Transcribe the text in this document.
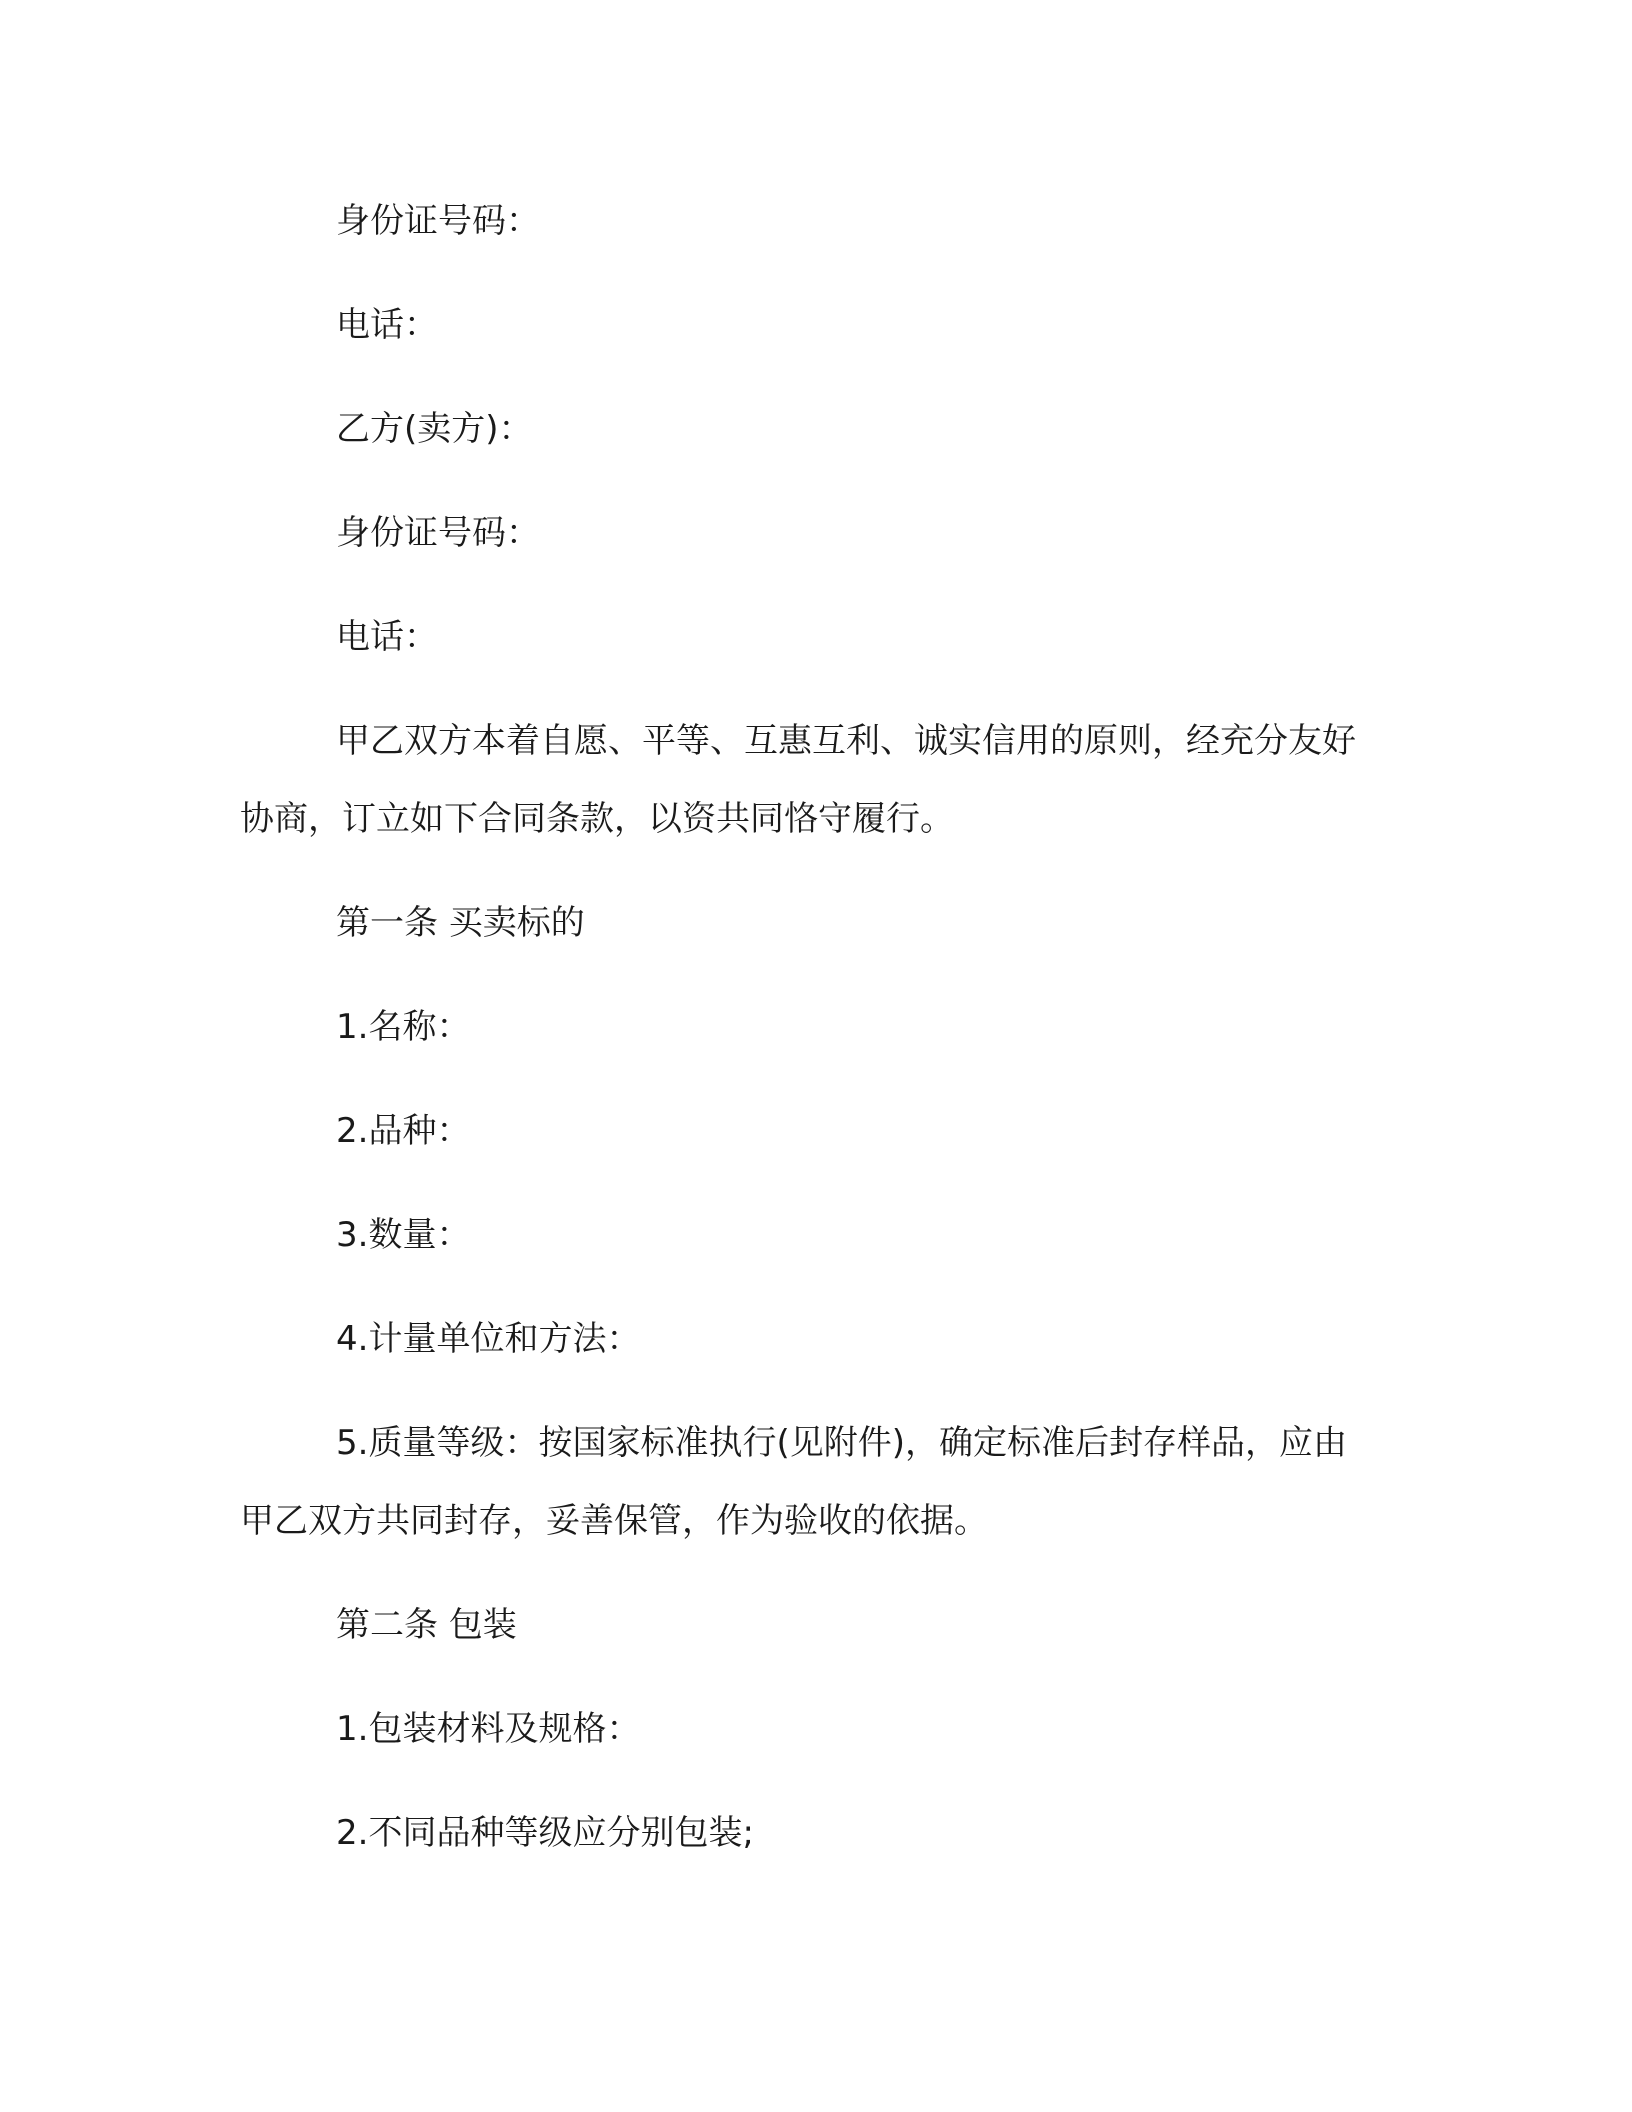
身份证号码：

电话：

乙方(卖方)：

身份证号码：

电话：

甲乙双方本着自愿、平等、互惠互利、诚实信用的原则，经充分友好协商，订立如下合同条款，以资共同恪守履行。

第一条 买卖标的

1.名称：

2.品种：

3.数量：

4.计量单位和方法：

5.质量等级：按国家标准执行(见附件)，确定标准后封存样品，应由甲乙双方共同封存，妥善保管，作为验收的依据。

第二条 包装

1.包装材料及规格：

2.不同品种等级应分别包装;
